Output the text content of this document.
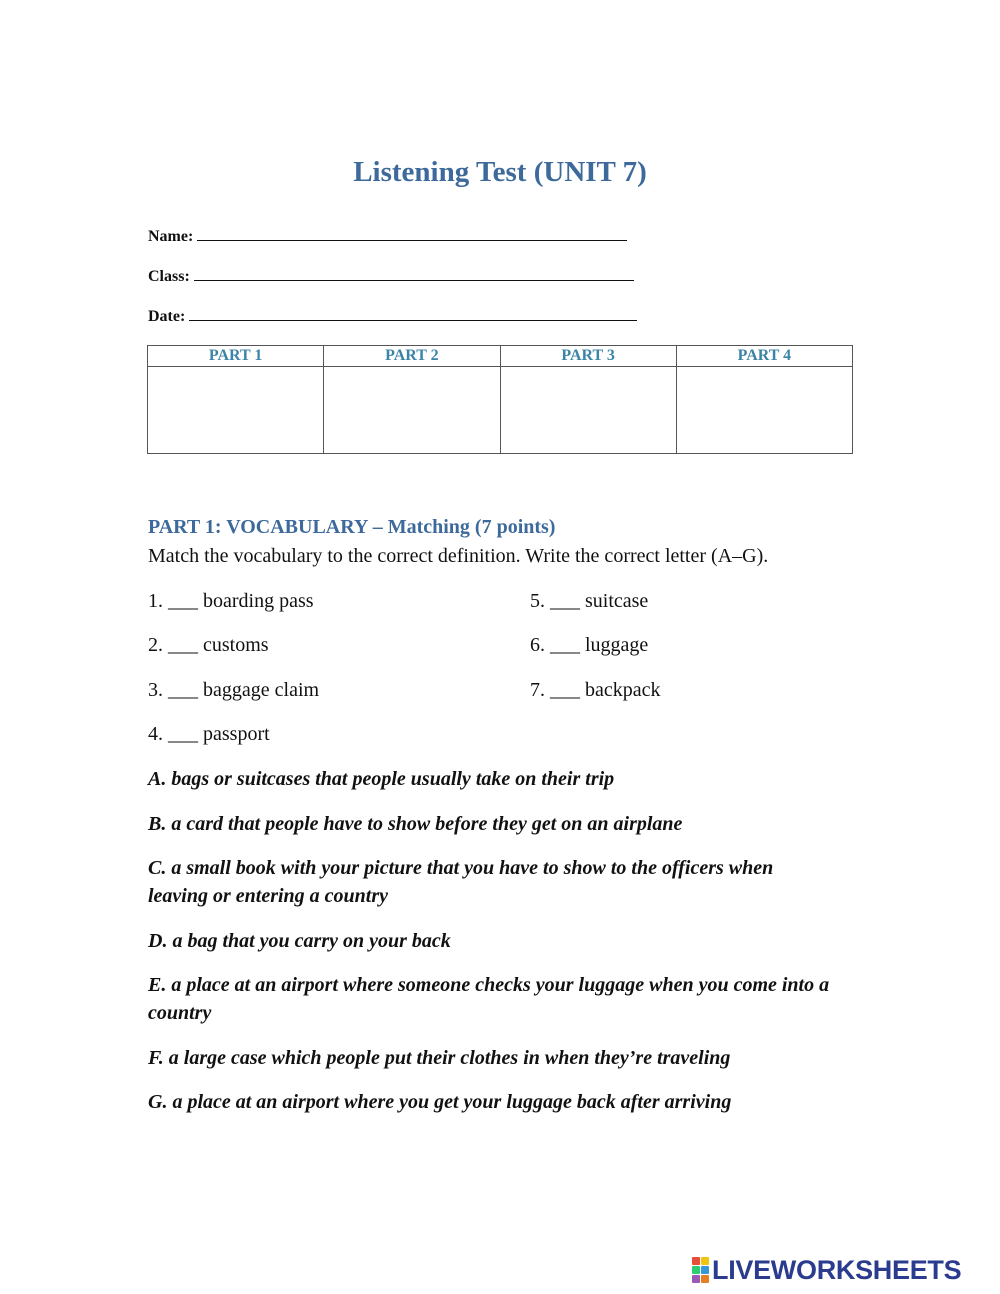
Listening Test (UNIT 7)
Name:
Class:
Date:
PART 1	PART 2	PART 3	PART 4

PART 1: VOCABULARY – Matching (7 points)
Match the vocabulary to the correct definition. Write the correct letter (A–G).
1. ___ boarding pass
2. ___ customs
3. ___ baggage claim
4. ___ passport
5. ___ suitcase
6. ___ luggage
7. ___ backpack
A. bags or suitcases that people usually take on their trip
B. a card that people have to show before they get on an airplane
C. a small book with your picture that you have to show to the officers when leaving or entering a country
D. a bag that you carry on your back
E. a place at an airport where someone checks your luggage when you come into a country
F. a large case which people put their clothes in when they’re traveling
G. a place at an airport where you get your luggage back after arriving
LIVEWORKSHEETS
